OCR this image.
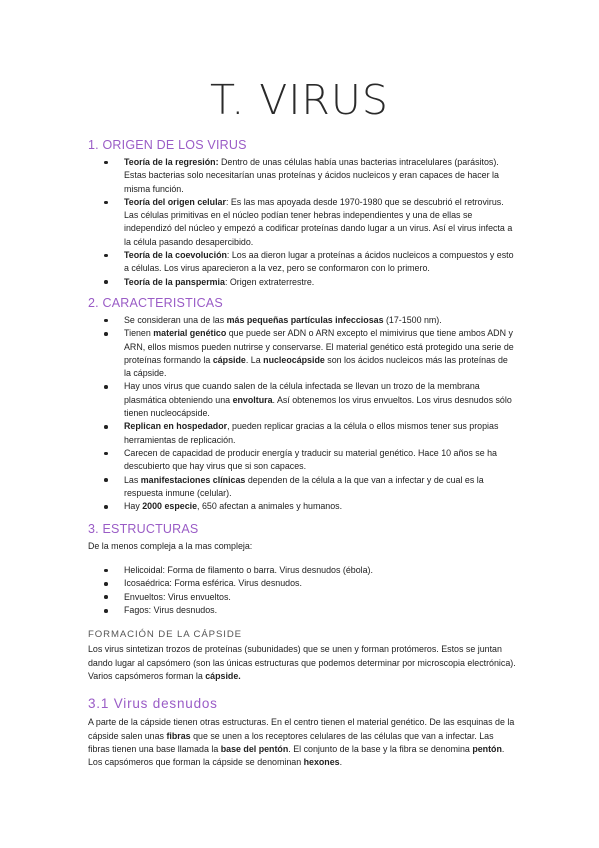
T. VIRUS
1. ORIGEN DE LOS VIRUS
Teoría de la regresión: Dentro de unas células había unas bacterias intracelulares (parásitos). Estas bacterias solo necesitarían unas proteínas y ácidos nucleicos y eran capaces de hacer la misma función.
Teoría del origen celular: Es las mas apoyada desde 1970-1980 que se descubrió el retrovirus. Las células primitivas en el núcleo podían tener hebras independientes y una de ellas se independizó del núcleo y empezó a codificar proteínas dando lugar a un virus. Así el virus infecta a la célula pasando desapercibido.
Teoría de la coevolución: Los aa dieron lugar a proteínas a ácidos nucleicos a compuestos y esto a células. Los virus aparecieron a la vez, pero se conformaron con lo primero.
Teoría de la panspermia: Origen extraterrestre.
2. CARACTERISTICAS
Se consideran una de las más pequeñas partículas infecciosas (17-1500 nm).
Tienen material genético que puede ser ADN o ARN excepto el mimivirus que tiene ambos ADN y ARN, ellos mismos pueden nutrirse y conservarse. El material genético está protegido una serie de proteínas formando la cápside. La nucleocápside son los ácidos nucleicos más las proteínas de la cápside.
Hay unos virus que cuando salen de la célula infectada se llevan un trozo de la membrana plasmática obteniendo una envoltura. Así obtenemos los virus envueltos. Los virus desnudos sólo tienen nucleocápside.
Replican en hospedador, pueden replicar gracias a la célula o ellos mismos tener sus propias herramientas de replicación.
Carecen de capacidad de producir energía y traducir su material genético. Hace 10 años se ha descubierto que hay virus que si son capaces.
Las manifestaciones clínicas dependen de la célula a la que van a infectar y de cual es la respuesta inmune (celular).
Hay 2000 especie, 650 afectan a animales y humanos.
3. ESTRUCTURAS

De la menos compleja a la mas compleja:

Helicoidal: Forma de filamento o barra. Virus desnudos (ébola).
Icosaédrica: Forma esférica. Virus desnudos.
Envueltos: Virus envueltos.
Fagos: Virus desnudos.
FORMACIÓN DE LA CÁPSIDE

Los virus sintetizan trozos de proteínas (subunidades) que se unen y forman protómeros. Estos se juntan dando lugar al capsómero (son las únicas estructuras que podemos determinar por microscopia electrónica). Varios capsómeros forman la cápside.

3.1 Virus desnudos

A parte de la cápside tienen otras estructuras. En el centro tienen el material genético. De las esquinas de la cápside salen unas fibras que se unen a los receptores celulares de las células que van a infectar. Las fibras tienen una base llamada la base del pentón. El conjunto de la base y la fibra se denomina pentón. Los capsómeros que forman la cápside se denominan hexones.
